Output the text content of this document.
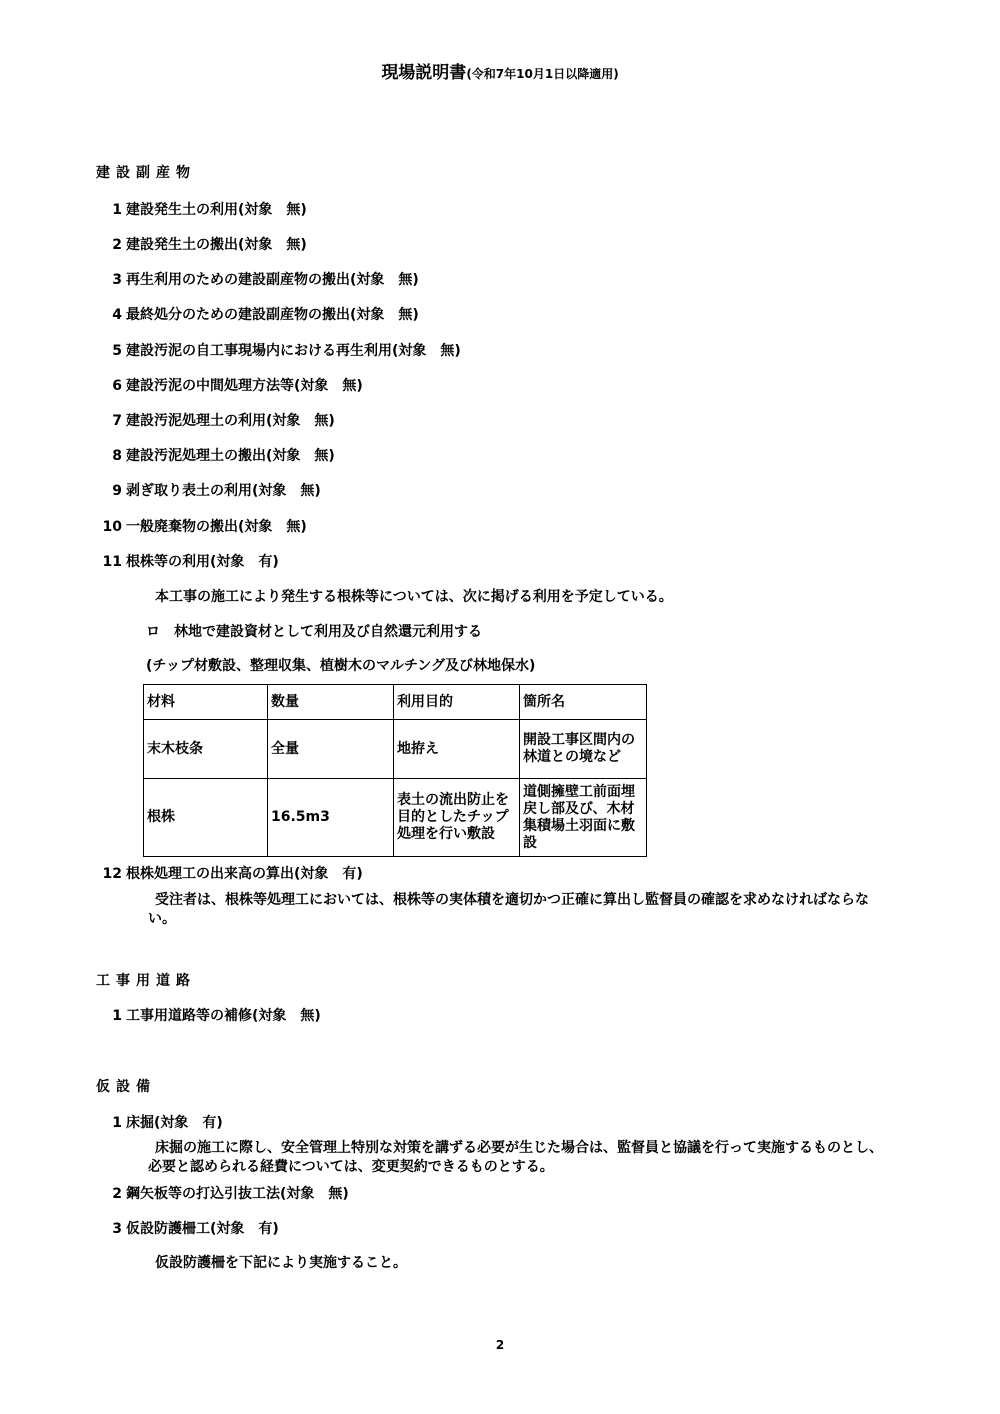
現場説明書(令和7年10月1日以降適用)
建設副産物
1 建設発生土の利用(対象　無)
2 建設発生土の搬出(対象　無)
3 再生利用のための建設副産物の搬出(対象　無)
4 最終処分のための建設副産物の搬出(対象　無)
5 建設汚泥の自工事現場内における再生利用(対象　無)
6 建設汚泥の中間処理方法等(対象　無)
7 建設汚泥処理土の利用(対象　無)
8 建設汚泥処理土の搬出(対象　無)
9 剥ぎ取り表土の利用(対象　無)
10 一般廃棄物の搬出(対象　無)
11 根株等の利用(対象　有)
本工事の施工により発生する根株等については、次に掲げる利用を予定している。
ロ　林地で建設資材として利用及び自然還元利用する
(チップ材敷設、整理収集、植樹木のマルチング及び林地保水)
材料	数量	利用目的	箇所名
末木枝条	全量	地拵え	開設工事区間内の林道との境など
根株	16.5m3	表土の流出防止を目的としたチップ処理を行い敷設	道側擁壁工前面埋戻し部及び、木材集積場土羽面に敷設
12 根株処理工の出来高の算出(対象　有)
受注者は、根株等処理工においては、根株等の実体積を適切かつ正確に算出し監督員の確認を求めなければならない。
工事用道路
1 工事用道路等の補修(対象　無)
仮設備
1 床掘(対象　有)
床掘の施工に際し、安全管理上特別な対策を講ずる必要が生じた場合は、監督員と協議を行って実施するものとし、必要と認められる経費については、変更契約できるものとする。
2 鋼矢板等の打込引抜工法(対象　無)
3 仮設防護柵工(対象　有)
仮設防護柵を下記により実施すること。
2
